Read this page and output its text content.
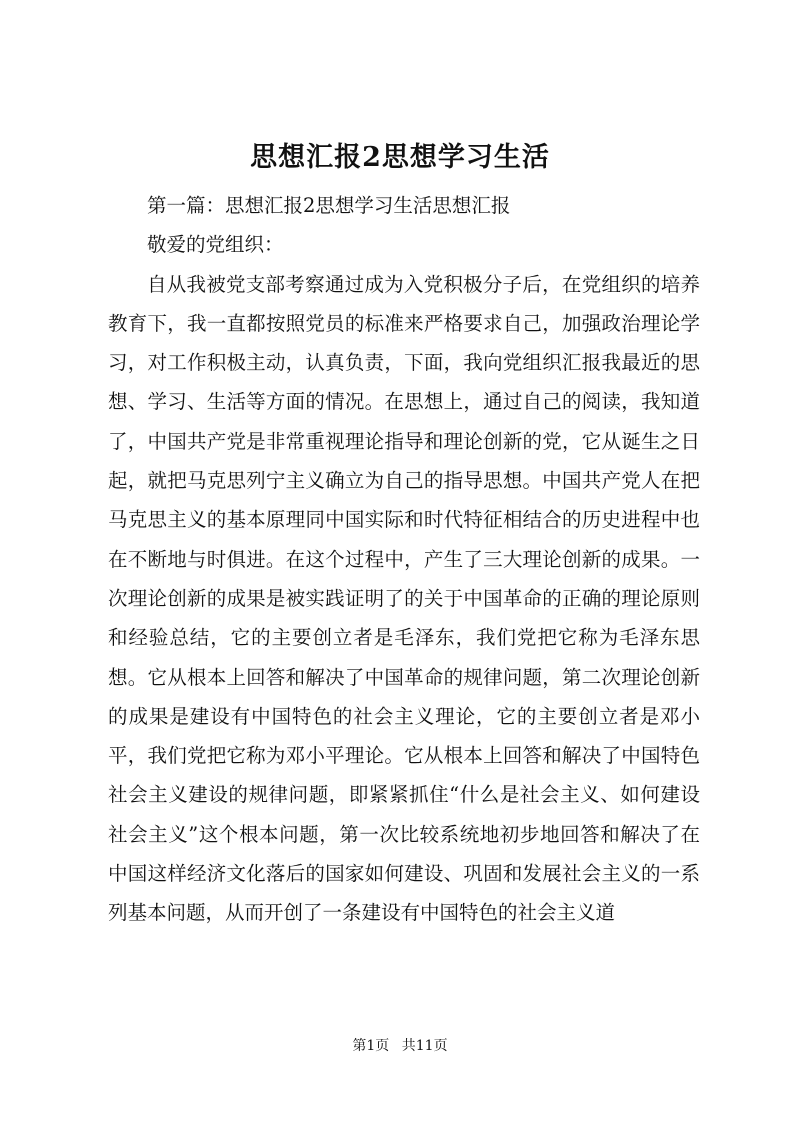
思想汇报2思想学习生活

第一篇：思想汇报2思想学习生活思想汇报

敬爱的党组织：

自从我被党支部考察通过成为入党积极分子后，在党组织的培养教育下，我一直都按照党员的标准来严格要求自己，加强政治理论学习，对工作积极主动，认真负责，下面，我向党组织汇报我最近的思想、学习、生活等方面的情况。在思想上，通过自己的阅读，我知道了，中国共产党是非常重视理论指导和理论创新的党，它从诞生之日起，就把马克思列宁主义确立为自己的指导思想。中国共产党人在把马克思主义的基本原理同中国实际和时代特征相结合的历史进程中也在不断地与时俱进。在这个过程中，产生了三大理论创新的成果。一次理论创新的成果是被实践证明了的关于中国革命的正确的理论原则和经验总结，它的主要创立者是毛泽东，我们党把它称为毛泽东思想。它从根本上回答和解决了中国革命的规律问题，第二次理论创新的成果是建设有中国特色的社会主义理论，它的主要创立者是邓小平，我们党把它称为邓小平理论。它从根本上回答和解决了中国特色社会主义建设的规律问题，即紧紧抓住“什么是社会主义、如何建设社会主义”这个根本问题，第一次比较系统地初步地回答和解决了在中国这样经济文化落后的国家如何建设、巩固和发展社会主义的一系列基本问题，从而开创了一条建设有中国特色的社会主义道

第1页 共11页
